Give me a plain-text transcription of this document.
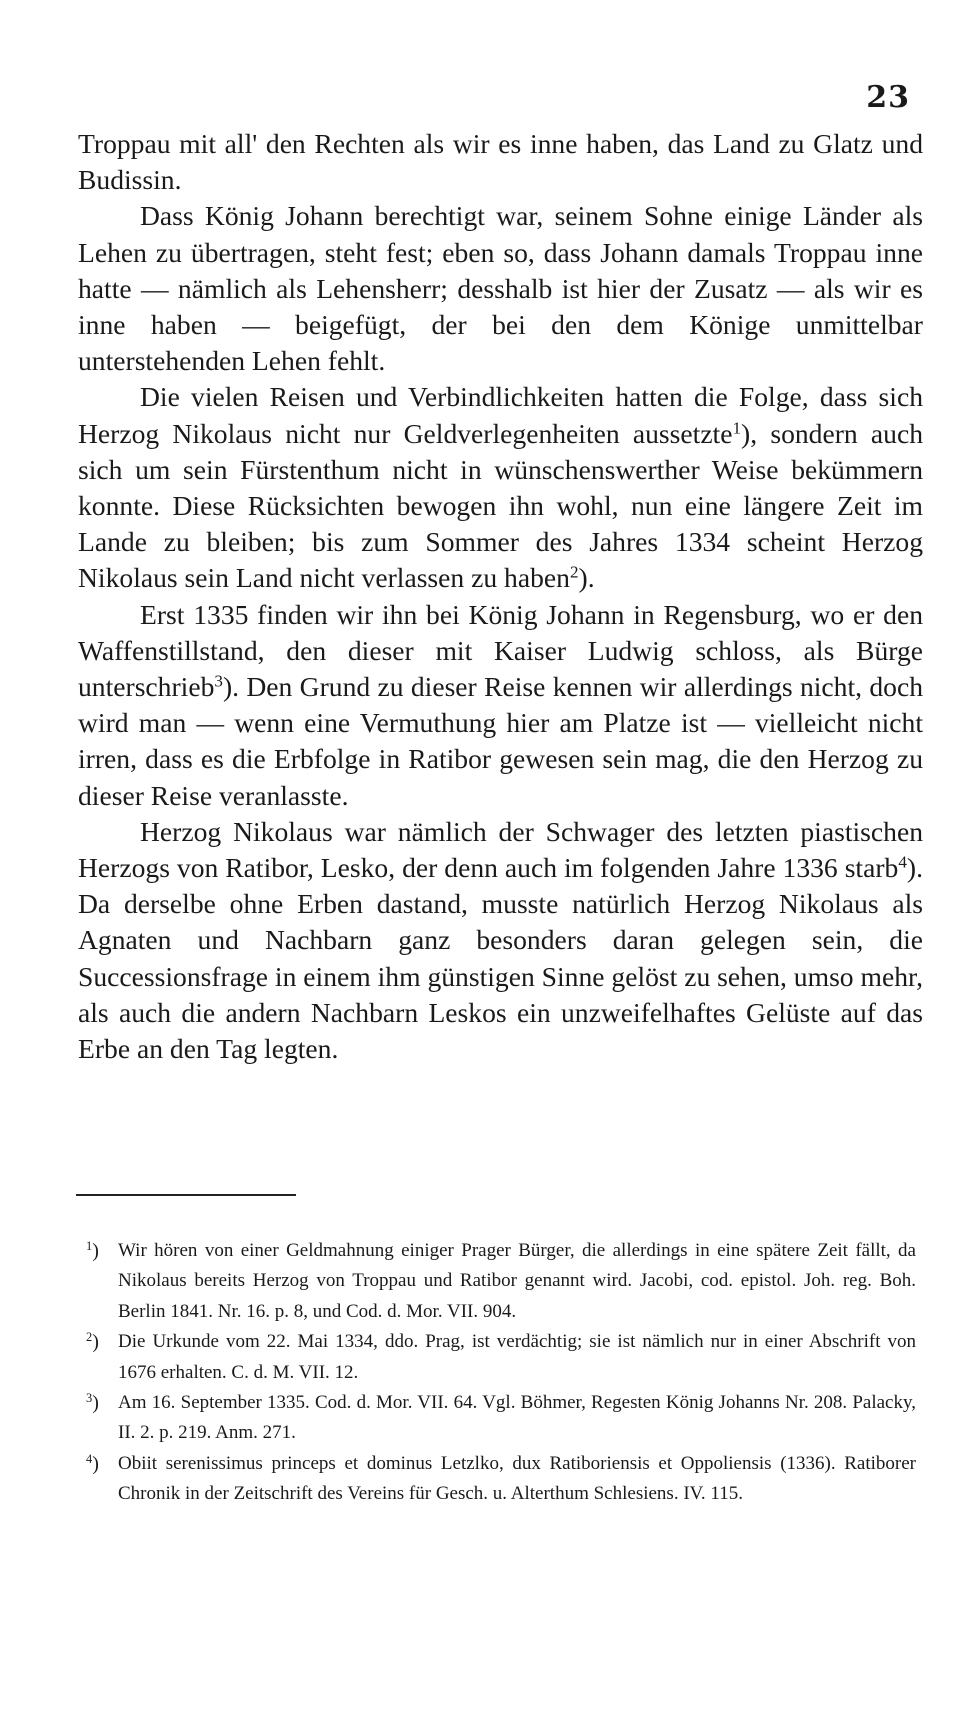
23

Troppau mit all' den Rechten als wir es inne haben, das Land zu Glatz und Budissin.

Dass König Johann berechtigt war, seinem Sohne einige Länder als Lehen zu übertragen, steht fest; eben so, dass Johann damals Troppau inne hatte — nämlich als Lehensherr; desshalb ist hier der Zusatz — als wir es inne haben — beigefügt, der bei den dem Könige unmittelbar unterstehenden Lehen fehlt.

Die vielen Reisen und Verbindlichkeiten hatten die Folge, dass sich Herzog Nikolaus nicht nur Geldverlegenheiten aussetzte$^1$), sondern auch sich um sein Fürstenthum nicht in wünschenswerther Weise bekümmern konnte. Diese Rücksichten bewogen ihn wohl, nun eine längere Zeit im Lande zu bleiben; bis zum Sommer des Jahres 1334 scheint Herzog Nikolaus sein Land nicht verlassen zu haben$^2$).

Erst 1335 finden wir ihn bei König Johann in Regensburg, wo er den Waffenstillstand, den dieser mit Kaiser Ludwig schloss, als Bürge unterschrieb$^3$). Den Grund zu dieser Reise kennen wir allerdings nicht, doch wird man — wenn eine Vermuthung hier am Platze ist — vielleicht nicht irren, dass es die Erbfolge in Ratibor gewesen sein mag, die den Herzog zu dieser Reise veranlasste.

Herzog Nikolaus war nämlich der Schwager des letzten piastischen Herzogs von Ratibor, Lesko, der denn auch im folgenden Jahre 1336 starb$^4$). Da derselbe ohne Erben dastand, musste natürlich Herzog Nikolaus als Agnaten und Nachbarn ganz besonders daran gelegen sein, die Successionsfrage in einem ihm günstigen Sinne gelöst zu sehen, umso mehr, als auch die andern Nachbarn Leskos ein unzweifelhaftes Gelüste auf das Erbe an den Tag legten.

$^1$) Wir hören von einer Geldmahnung einiger Prager Bürger, die allerdings in eine spätere Zeit fällt, da Nikolaus bereits Herzog von Troppau und Ratibor genannt wird. Jacobi, cod. epistol. Joh. reg. Boh. Berlin 1841. Nr. 16. p. 8, und Cod. d. Mor. VII. 904.
$^2$) Die Urkunde vom 22. Mai 1334, ddo. Prag, ist verdächtig; sie ist nämlich nur in einer Abschrift von 1676 erhalten. C. d. M. VII. 12.
$^3$) Am 16. September 1335. Cod. d. Mor. VII. 64. Vgl. Böhmer, Regesten König Johanns Nr. 208. Palacky, II. 2. p. 219. Anm. 271.
$^4$) Obiit serenissimus princeps et dominus Letzlko, dux Ratiboriensis et Oppoliensis (1336). Ratiborer Chronik in der Zeitschrift des Vereins für Gesch. u. Alterthum Schlesiens. IV. 115.
